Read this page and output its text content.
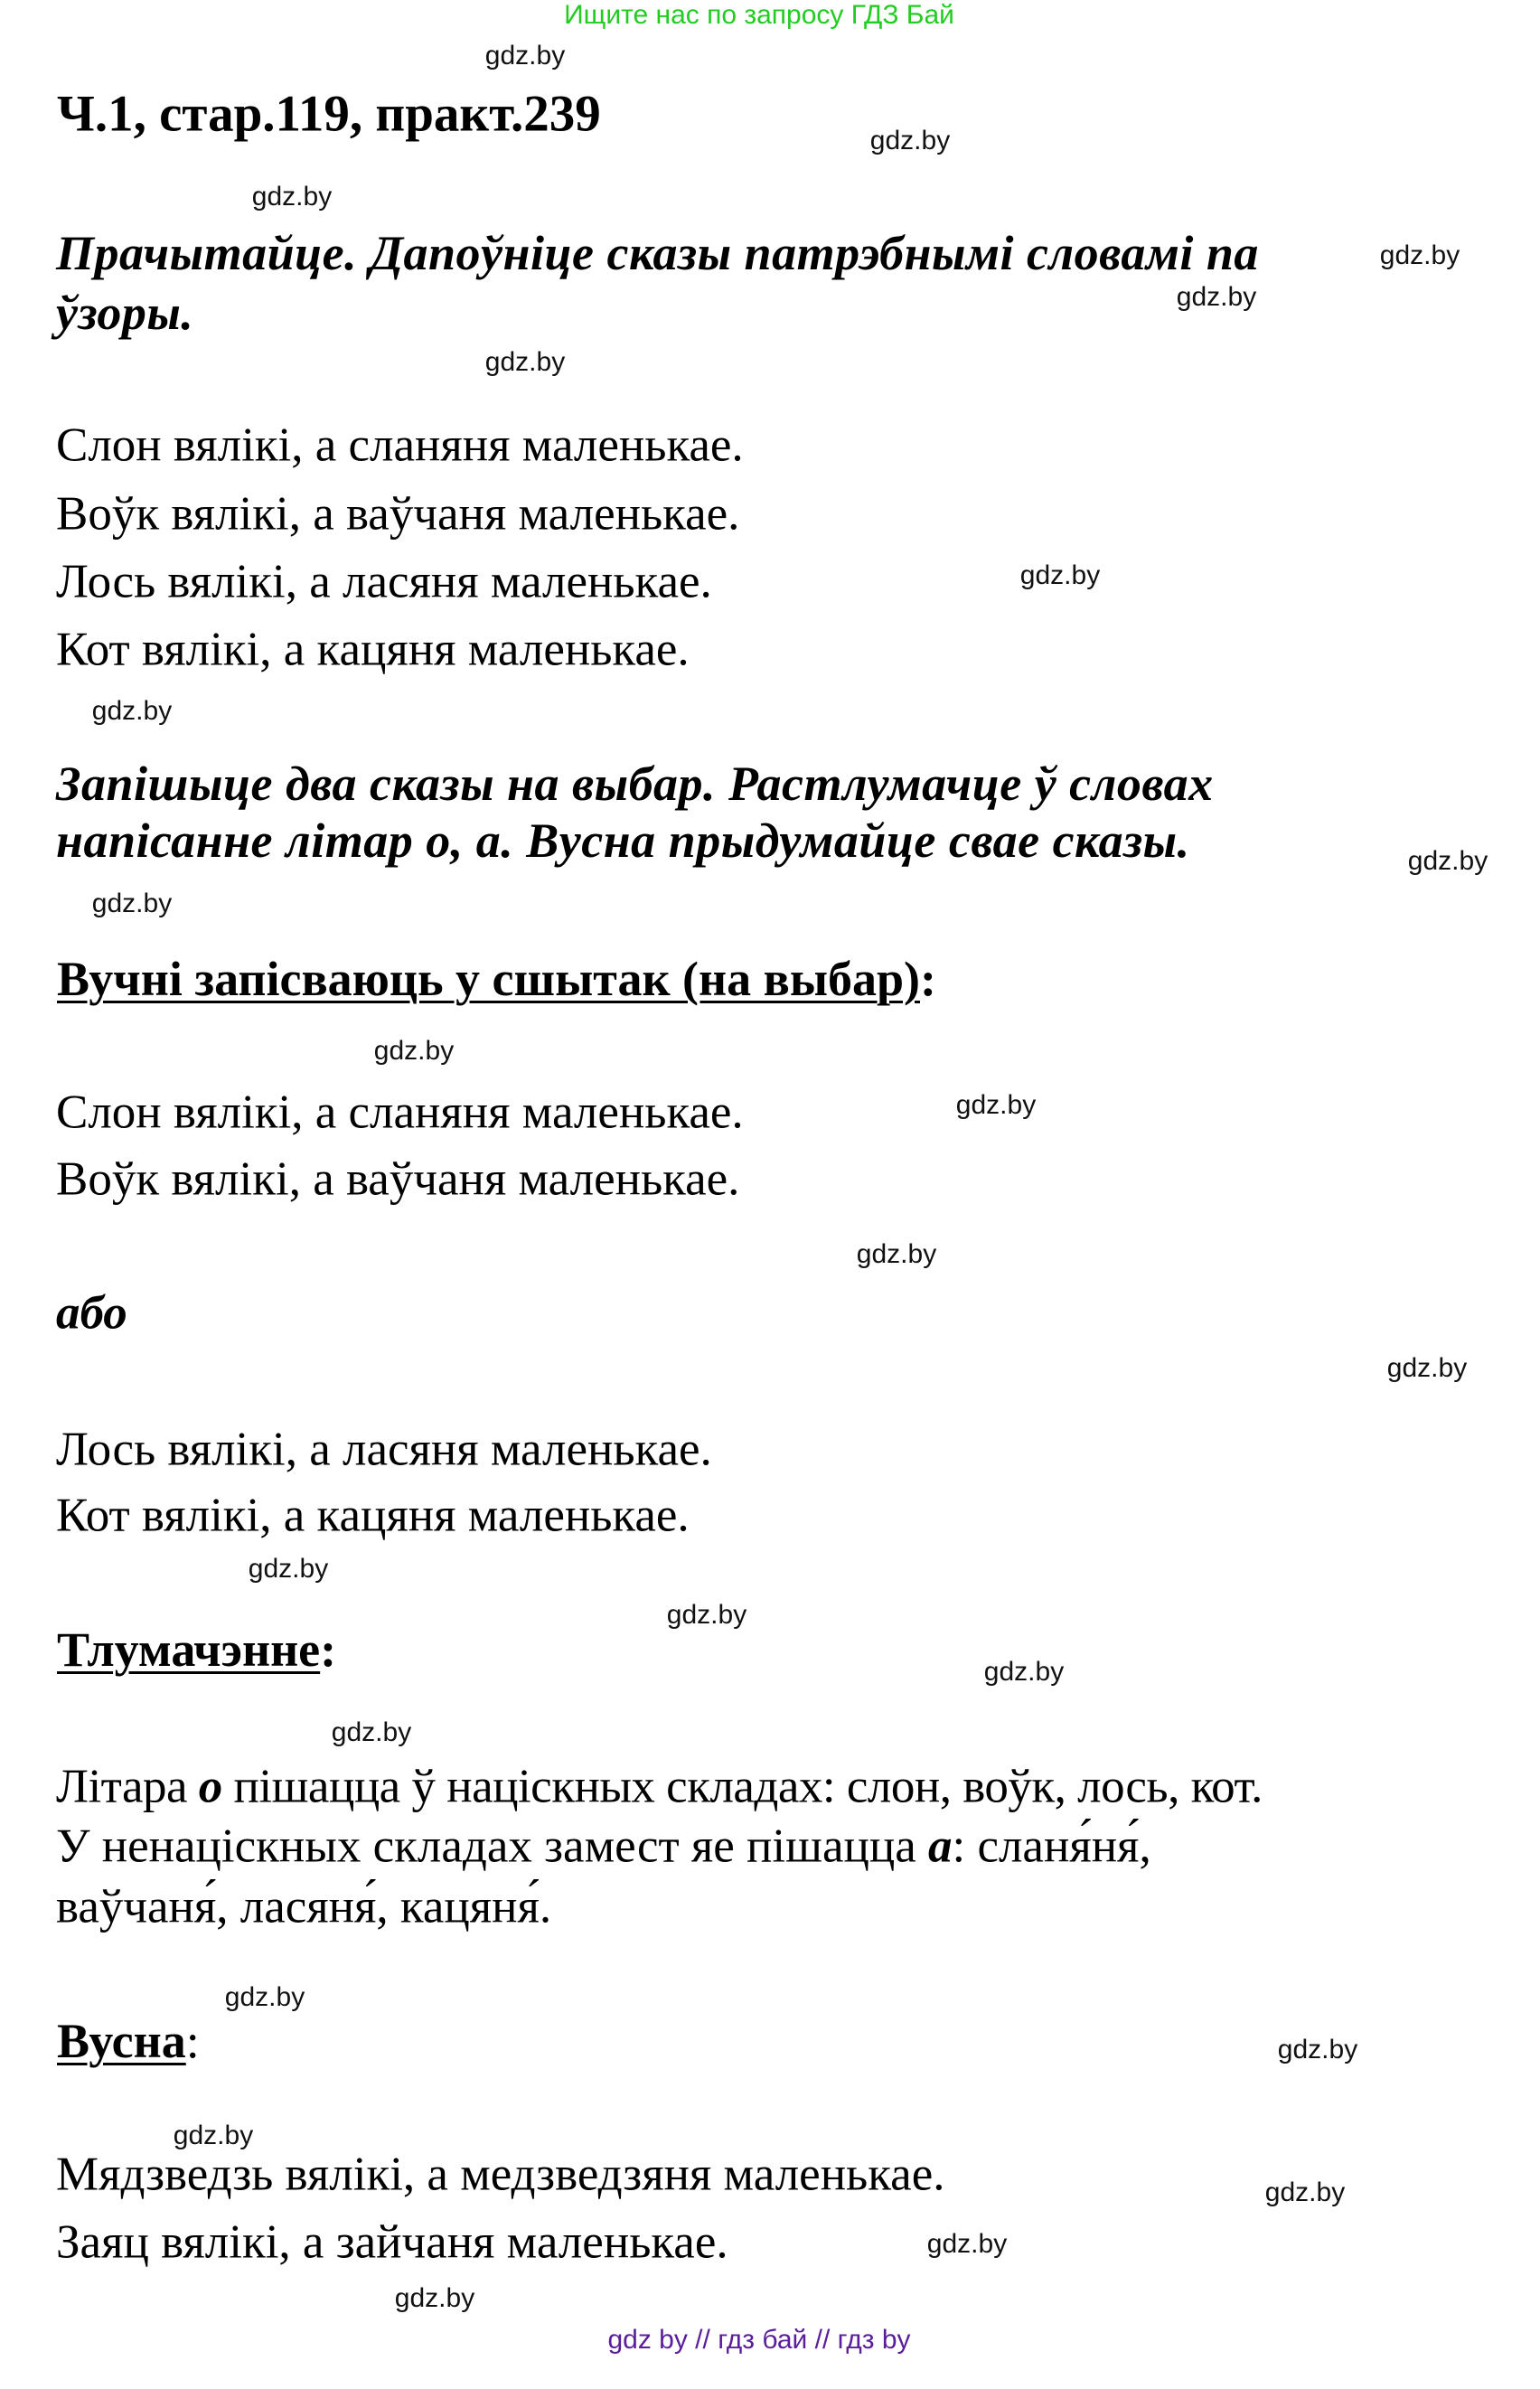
Ищите нас по запросу ГДЗ Бай
Ч.1, стар.119, практ.239
Прачытайце. Дапоўніце сказы патрэбнымі словамі па
ўзоры.
Слон вялікі, а сланяня маленькае.
Воўк вялікі, а ваўчаня маленькае.
Лось вялікі, а ласяня маленькае.
Кот вялікі, а кацяня маленькае.
Запішыце два сказы на выбар. Растлумачце ў словах
напісанне літар о, а. Вусна прыдумайце свае сказы.
Вучні запісваюць у сшытак (на выбар):
Слон вялікі, а сланяня маленькае.
Воўк вялікі, а ваўчаня маленькае.
або
Лось вялікі, а ласяня маленькае.
Кот вялікі, а кацяня маленькае.
Тлумачэнне:
Літара о пішацца ў націскных складах: слон, воўк, лось, кот.
У ненаціскных складах замест яе пішацца а: сланя́ня́,
ваўчаня́, ласяня́, кацяня́.
Вусна:
Мядзведзь вялікі, а медзведзяня маленькае.
Заяц вялікі, а зайчаня маленькае.
gdz by // гдз бай // гдз by
gdz.by
gdz.by
gdz.by
gdz.by
gdz.by
gdz.by
gdz.by
gdz.by
gdz.by
gdz.by
gdz.by
gdz.by
gdz.by
gdz.by
gdz.by
gdz.by
gdz.by
gdz.by
gdz.by
gdz.by
gdz.by
gdz.by
gdz.by
gdz.by
